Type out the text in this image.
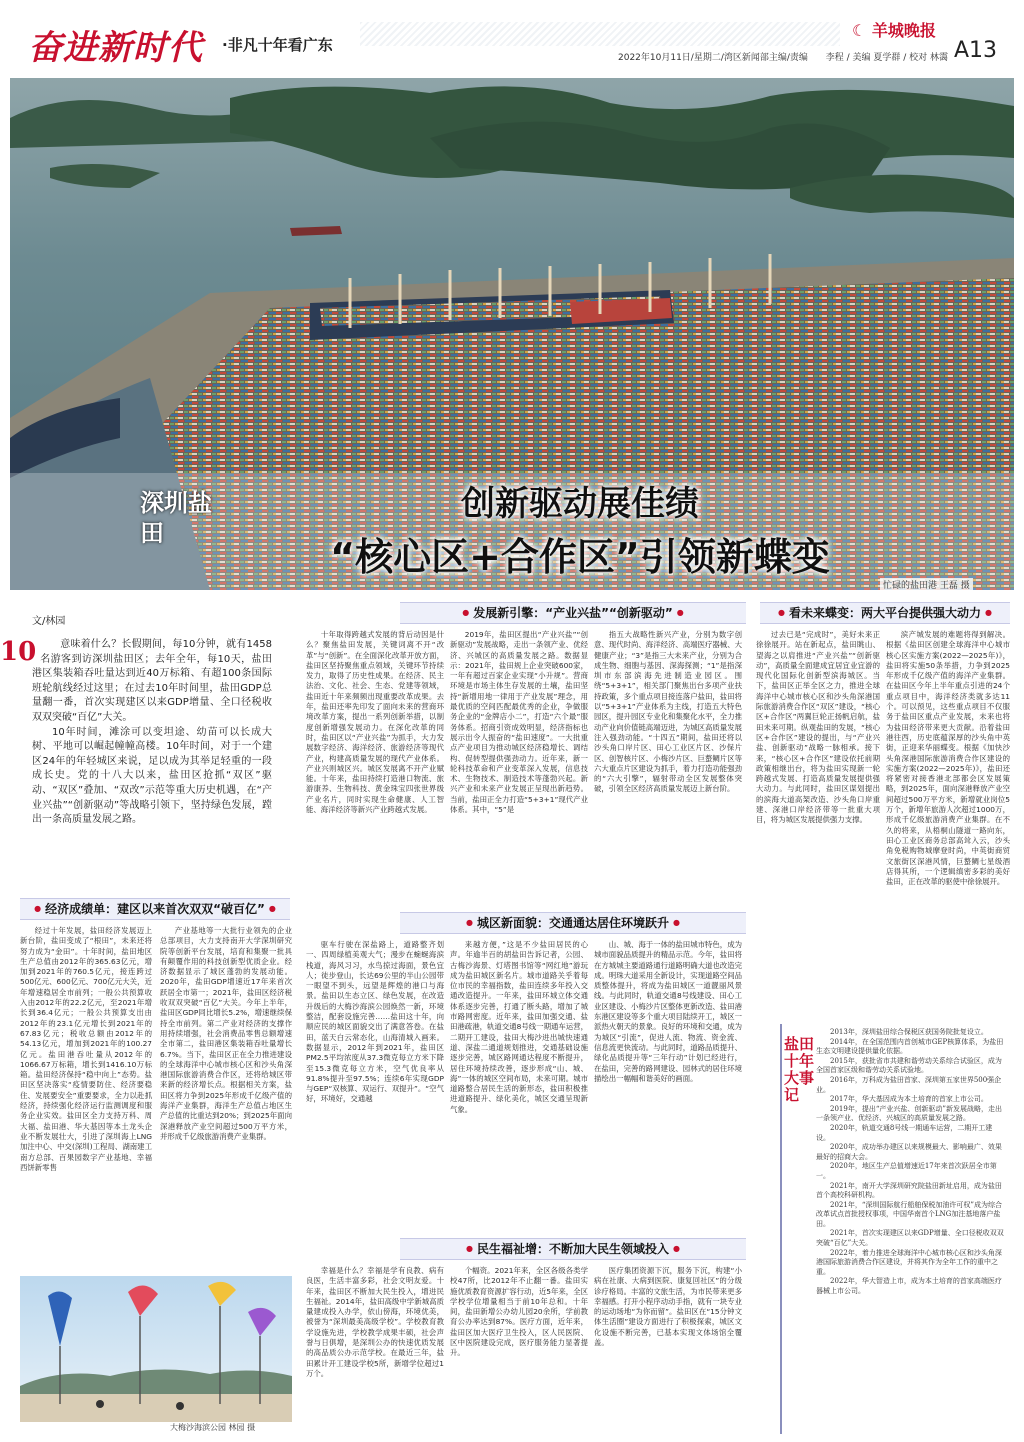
奋进新时代 ·非凡十年看广东
☾ 羊城晚报
A13
2022年10月11日/星期二/湾区新闻部主编/责编	李程 / 美编 夏学群 / 校对 林霭
忙碌的盐田港 王磊 摄
深圳盐田
创新驱动展佳绩
“核心区+合作区”引领新蝶变
文/林园

10 意味着什么？长假期间，每10分钟，就有1458名游客到访深圳盐田区；去年全年，每10天，盐田港区集装箱吞吐量达到近40万标箱、有超100条国际班轮航线经过这里；在过去10年时间里，盐田GDP总量翻一番，首次实现建区以来GDP增量、全口径税收双双突破“百亿”大关。

10年时间，滩涂可以变坦途、幼苗可以长成大树、平地可以崛起幢幢高楼。10年时间，对于一个建区24年的年轻城区来说，足以成为其举足轻重的一段成长史。党的十八大以来，盐田区抢抓“双区”驱动、“双区”叠加、“双改”示范等重大历史机遇，在“产业兴盐”“创新驱动”等战略引领下，坚持绿色发展，蹚出一条高质量发展之路。

● 经济成绩单：建区以来首次双双“破百亿” ●
● 发展新引擎：“产业兴盐”“创新驱动” ●
● 城区新面貌：交通通达居住环境跃升 ●
● 民生福祉增：不断加大民生领域投入 ●
● 看未来蝶变：两大平台提供强大动力 ●

经过十年发展，盐田经济发展迈上新台阶，盐田变成了“根田”，未来还将努力成为“金田”。十年时间，盐田地区生产总值由2012年的365.63亿元，增加到2021年的760.5亿元，接连跨过500亿元、600亿元、700亿元大关，近年增速稳居全市前列；一般公共预算收入由2012年的22.2亿元，至2021年增长到36.4亿元；一般公共预算支出由2012年的23.1亿元增长到2021年的67.83亿元；税收总额由2012年的54.13亿元，增加到2021年的100.27亿元。盐田港吞吐量从2012年的1066.67万标箱，增长到1416.10万标箱。盐田经济保持“稳中向上”态势。盐田区坚决落实“疫情要防住、经济要稳住、发展要安全”重要要求，全力以赴抓经济，持续强化经济运行监测调度和服务企业实效。盐田区全力支持万科、周大福、盐田港、华大基因等本土龙头企业不断发展壮大，引进了深圳海上LNG加注中心、中交(深圳)工程局、湖南建工南方总部、百果园数字产业基地、幸福西饼新零售

产业基地等一大批行业领先的企业总部项目，大力支持南开大学深圳研究院等创新平台发展，培育和集聚一批具有颠覆作用的科技创新型优质企业。经济数据显示了城区蓬勃的发展动能。2020年，盐田GDP增速近17年来首次跃居全市第一；2021年，盐田区经济税收双双突破“百亿”大关。今年上半年，盐田区GDP同比增长5.2%，增速继续保持全市前列。第二产业对经济的支撑作用持续增强，社会消费品零售总额增速全市第二，盐田港区集装箱吞吐量增长6.7%。当下，盐田区正在全力推进建设的全球海洋中心城市核心区和沙头角深港国际旅游消费合作区，还将给城区带来新的经济增长点。根据相关方案，盐田区将力争到2025年形成千亿级产值的海洋产业集群，海洋生产总值占地区生产总值的比重达到20%；到2025年面向深港释放产业空间超过500万平方米，并形成千亿级旅游消费产业集群。

十年取得跨越式发展的背后动因是什么？聚焦盐田发展，关键词离不开“改革”与“创新”。在全面深化改革开放方面，盐田区坚持聚焦重点领域，关键环节持续发力，取得了历史性成果。在经济、民主法治、文化、社会、生态、党建等领域，盐田近十年来频频出现重要改革成果。去年，盐田还率先印发了面向未来的营商环境改革方案，提出一系列创新举措，以制度创新增强发展动力。在深化改革的同时，盐田区以“产业兴盐”为抓手，大力发展数字经济、海洋经济、旅游经济等现代产业，构建高质量发展的现代产业体系。产业兴则城区兴。城区发展离不开产业赋能。十年来，盐田持续打造港口物流、旅游康养、生物科技、黄金珠宝四张世界级产业名片，同时实现生命健康、人工智能、海洋经济等新兴产业跨越式发展。

2019年，盐田区提出“产业兴盐”“创新驱动”发展战略，走出一条领产业、优经济、兴城区的高质量发展之路。数据显示：2021年，盐田规上企业突破600家，一年有超过百家企业实现“小升规”。营商环境是市场主体生存发展的土壤，盐田坚持“新增用地一律用于产业发展”理念，用最优质的空间匹配最优秀的企业，争做服务企业的“金牌店小二”，打造“六个最”服务体系。招商引资成效明显，经济指标也展示出令人振奋的“盐田速度”。一大批重点产业项目为推动城区经济稳增长、调结构、促转型提供强劲动力。近年来，新一轮科技革命和产业变革深入发展，信息技术、生物技术、制造技术等蓬勃兴起。新兴产业和未来产业发展正呈现出新趋势。当前，盐田正全力打造“5+3+1”现代产业体系。其中，“5”是

指五大战略性新兴产业，分别为数字创意、现代时尚、海洋经济、高端医疗器械、大健康产业；“3”是指三大未来产业，分别为合成生物、细胞与基因、深海探测；“1”是指深圳市东部滨海先进制造业园区。围绕“5+3+1”，相关部门聚焦出台多项产业扶持政策，多个重点项目接连落户盐田，盐田将以“5+3+1”产业体系为主线，打造五大特色园区，提升园区专业化和集聚化水平，全力推动产业向价值链高端迈进，为城区高质量发展注入强劲动能。“十四五”期间，盐田还将以沙头角口岸片区、田心工业区片区、沙保片区、创智核片区、小梅沙片区、巨螯鲷片区等六大重点片区建设为抓手，着力打造功能强劲的“六大引擎”，辐射带动全区发展整体突破，引领全区经济高质量发展迈上新台阶。

过去已是“完成时”，美好未来正徐徐展开。站在新起点，盐田眺山、望海之以肩推进“产业兴盐”“创新驱动”，高质量全面建成宜居宜业宜游的现代化国际化创新型滨海城区。当下，盐田区正举全区之力，推进全球海洋中心城市核心区和沙头角深港国际旅游消费合作区“双区”建设，“核心区+合作区”两翼巨轮正扬帆启航，盐田未来可期。纵观盐田的发展，“核心区+合作区”建设的提出，与“产业兴盐、创新驱动”战略一脉相承。接下来，“核心区+合作区”建设依托前期政策相继出台，将为盐田实现新一轮跨越式发展、打造高质量发展提供强大动力。与此同时，盐田区谋划提出的滨海大道高架改造、沙头角口岸重建、深港口岸经济带等一批重大项目，将为城区发展提供强力支撑。

滨产城发展的难题将得到解决。根据《盐田区创建全球海洋中心城市核心区实施方案(2022—2025年)》，盐田将实施50条举措，力争到2025年形成千亿级产值的海洋产业集群。在盐田区今年上半年重点引进的24个重点项目中，海洋经济类就多达11个。可以预见，这些重点项目不仅服务于盐田区重点产业发展，未来也将为盐田经济带来更大贡献。沿着盐田港往西，历史底蕴深厚的沙头角中英街，正迎来华丽蝶变。根据《加快沙头角深港国际旅游消费合作区建设的实施方案(2022—2025年)》，盐田还将紧密对接香港北部都会区发展策略，到2025年，面向深港释放产业空间超过500万平方米，新增就业岗位5万个，新增年旅游人次超过1000万，形成千亿级旅游消费产业集群。在不久的将来，从梧桐山隧道一路向东，田心工业区商务总部高耸入云，沙头角免税购物城摩登时尚，中英街商贸文旅街区深港风情，巨螯鲷七星级酒店得其所，一个逻辑缜密多彩的美好盐田，正在改革的驱使中徐徐展开。

驱车行驶在深盐路上，道路整齐划一、四周绿植美观大气；漫步在蜿蜒海滨栈道，海风习习，水鸟掠过海面，景色宜人；徒步登山，长达69公里的半山公园带一眼望不到头，远望是辉煌的港口与海景。盐田以生态立区、绿色发展，在改造升级后的大梅沙海滨公园焕然一新，环境整洁，配套设施完善……盐田这十年，向顺应民的城区面貌交出了满意答卷。在盐田，蓝天白云常态化，山海清城入画来。数据显示，2012年到2021年，盐田区PM2.5平均浓度从37.3微克每立方米下降至15.3微克每立方米，空气优良率从91.8%提升至97.5%；连续6年实现GDP与GEP“双核算、双运行、双提升”。“空气好，环境好，交通越

来越方便，”这是不少盐田居民的心声。年逾半百的胡盐田告诉记者，公园、古梅沙海景、灯塔图书馆等“网红地”游玩成为盐田城区新名片。城市道路关乎着每位市民的幸福指数，盐田连续多年投入交通改造提升。一年来，盐田环城立体交通体系逐步完善，打通了断头路，增加了城市路网密度。近年来，盐田加强交通、盐田港疏港，轨道交通8号线一期通车运营，二期开工建设，盐田大梅沙进出城快速通道、深盐二通道规划推进，交通基础设施逐步完善，城区路网通达程度不断提升，居住环境持续改善，逐步形成“山、城、海”一体的城区空间布局，未来可期。城市道路整合居民生活的新形态，盐田积极推进道路提升、绿化美化，城区交通呈现新气象。

山、城、海于一体的盐田城市特色，成为城市面貌品质提升的精品示范。今年，盐田将在方城城主要道路通行道路明确大道也改造完成。明珠大道采用全新设计，实现道路空间品质整体提升，将成为盐田城区一道靓丽风景线。与此同时，轨道交通8号线建设、田心工业区建设、小梅沙片区整体更新改造、盐田港东港区建设等多个重大项目陆续开工，城区一派热火朝天的景象。良好的环境和交通，成为为城区“引流”，促进人流、物流、资金流、信息流更快流动。与此同时，道路品质提升、绿化品质提升等“三年行动”计划已经进行，在盐田，完善的路网建设、园林式的居住环境描绘出一幅幅和谐美好的画面。

幸福是什么？幸福是学有良教、病有良医，生活丰富多彩，社会文明友爱。十年来，盐田区不断加大民生投入，增进民生福祉。2014年，盐田高级中学新城高质量建成投入办学，依山傍海，环境优美，被誉为“深圳最美高级学校”。学校教育教学设施先进，学校教学成果丰硕，社会声誉与日俱增，是深圳公办的快速优质发展的高品质公办示范学校。在最近三年，盐田累计开工建设学校5所，新增学位超过1万个。

个幅资。2021年来，全区各级各类学校47所，比2012年不止翻一番。盐田实施优质教育资源扩容行动，近5年来，全区学校学位增量相当于前10年总和。十年间，盐田新增公办幼儿园20余所，学前教育公办率达到87%。医疗方面，近年来，盐田区加大医疗卫生投入，区人民医院、区中医院建设完成，医疗服务能力显著提升。

医疗集团资源下沉，服务下沉，构建“小病在社康、大病到医院、康复回社区”的分级诊疗格局。丰富的文旅生活，为市民带来更多幸福感。打开小程序动动手指，就有一块专业的运动场地“为你而留”。盐田区在“15分钟文体生活圈”建设方面进行了积极探索，城区文化设施不断完善，已基本实现文体场馆全覆盖。

盐田十年大事记

2013年，深圳盐田综合保税区获国务院批复设立。

2014年，在全国范围内首创城市GEP核算体系，为盐田生态文明建设提供量化依据。

2015年，获批省市共建和谐劳动关系综合试验区，成为全国首家区级和谐劳动关系试验地。

2016年，万科成为盐田首家、深圳第五家世界500强企业。

2017年，华大基因成为本土培育的首家上市公司。

2019年，提出“产业兴盐、创新驱动”新发展战略，走出一条领产业、优经济、兴城区的高质量发展之路。

2020年，轨道交通8号线一期通车运营，二期开工建设。

2020年，成功举办建区以来规模最大、影响最广、效果最好的招商大会。

2020年，地区生产总值增速近17年来首次跃居全市第一。

2021年，南开大学深圳研究院盐田新址启用，成为盐田首个高校科研机构。

2021年，“深圳国际航行船舶保税加油许可权”成为综合改革试点首批授权事项，中国华南首个LNG加注基地落户盐田。

2021年，首次实现建区以来GDP增量、全口径税收双双突破“百亿”大关。

2022年，着力推进全球海洋中心城市核心区和沙头角深港国际旅游消费合作区建设，并将其作为全年工作的重中之重。

2022年，华大智造上市，成为本土培育的首家高端医疗器械上市公司。

大梅沙海滨公园 林园 摄
